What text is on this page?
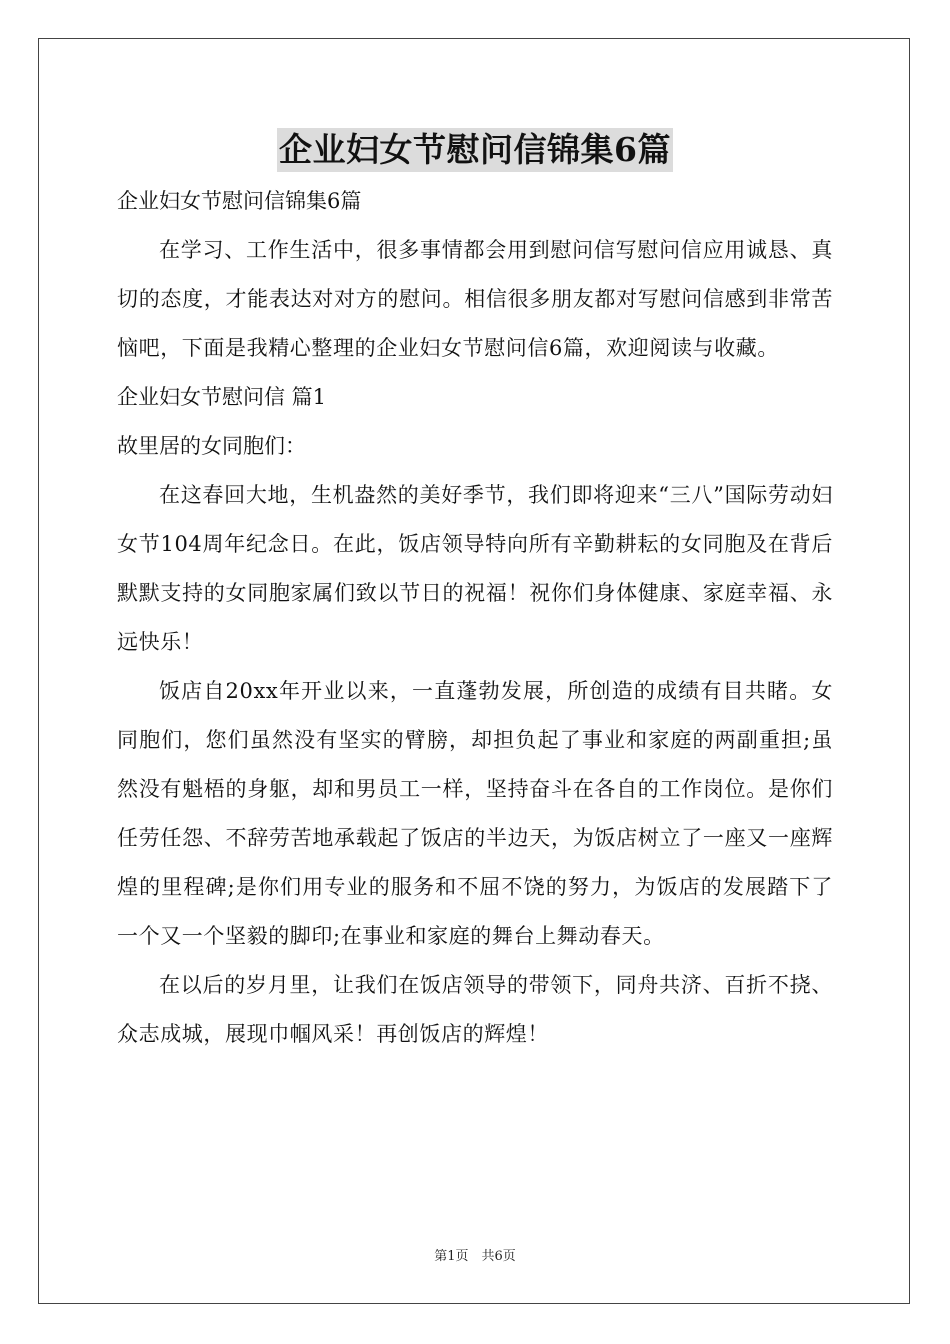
企业妇女节慰问信锦集6篇
企业妇女节慰问信锦集6篇
在学习、工作生活中，很多事情都会用到慰问信写慰问信应用诚恳、真切的态度，才能表达对对方的慰问。相信很多朋友都对写慰问信感到非常苦恼吧，下面是我精心整理的企业妇女节慰问信6篇，欢迎阅读与收藏。
企业妇女节慰问信 篇1
故里居的女同胞们：
在这春回大地，生机盎然的美好季节，我们即将迎来“三八”国际劳动妇女节104周年纪念日。在此，饭店领导特向所有辛勤耕耘的女同胞及在背后默默支持的女同胞家属们致以节日的祝福！祝你们身体健康、家庭幸福、永远快乐！
饭店自20xx年开业以来，一直蓬勃发展，所创造的成绩有目共睹。女同胞们，您们虽然没有坚实的臂膀，却担负起了事业和家庭的两副重担;虽然没有魁梧的身躯，却和男员工一样，坚持奋斗在各自的工作岗位。是你们任劳任怨、不辞劳苦地承载起了饭店的半边天，为饭店树立了一座又一座辉煌的里程碑;是你们用专业的服务和不屈不饶的努力，为饭店的发展踏下了一个又一个坚毅的脚印;在事业和家庭的舞台上舞动春天。
在以后的岁月里，让我们在饭店领导的带领下，同舟共济、百折不挠、众志成城，展现巾帼风采！再创饭店的辉煌！
第1页　共6页
